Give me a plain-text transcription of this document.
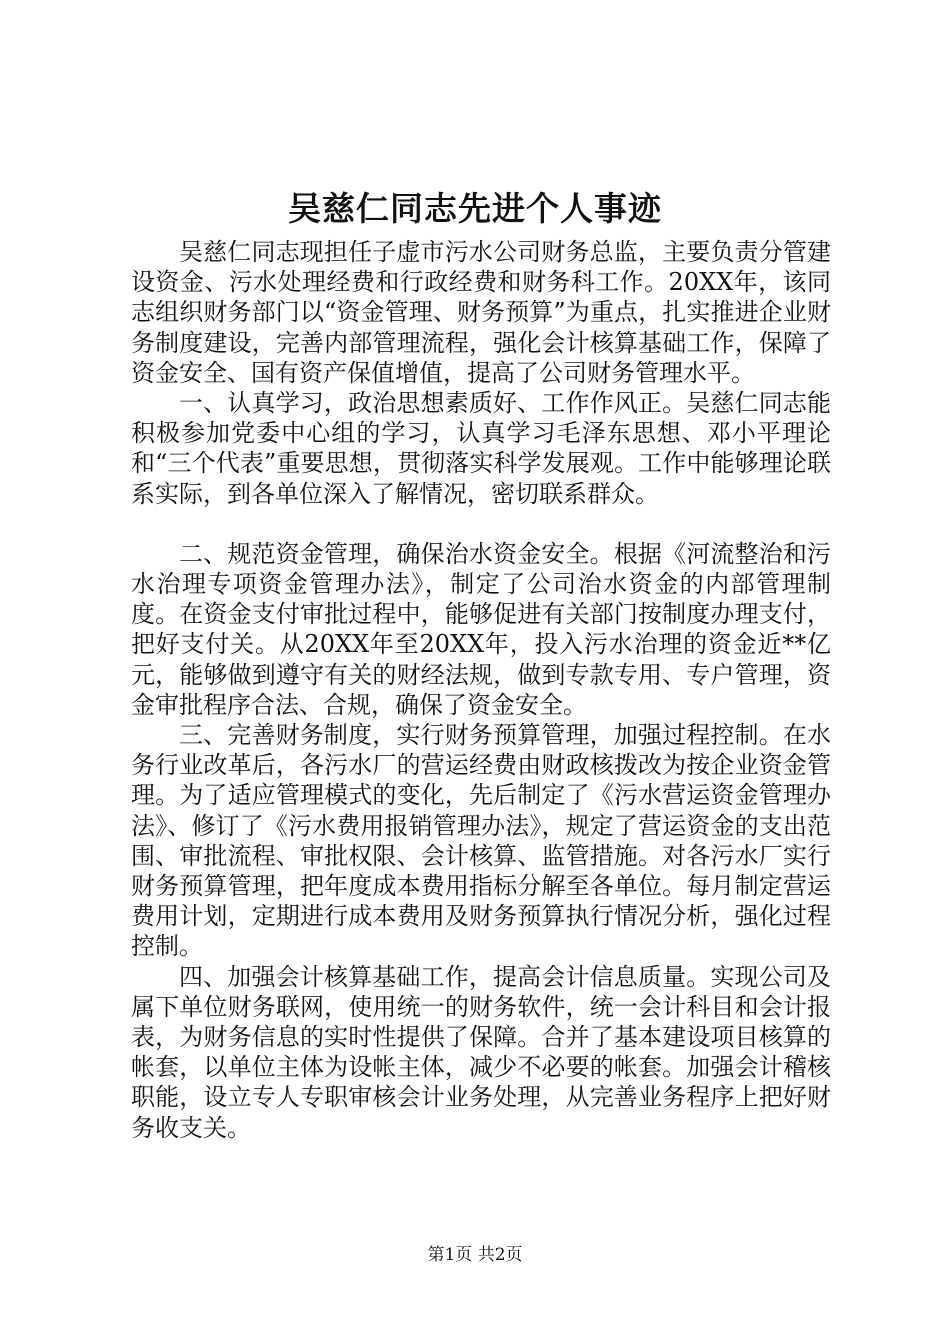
吴慈仁同志先进个人事迹

吴慈仁同志现担任子虚市污水公司财务总监，主要负责分管建设资金、污水处理经费和行政经费和财务科工作。20XX年，该同志组织财务部门以“资金管理、财务预算”为重点，扎实推进企业财务制度建设，完善内部管理流程，强化会计核算基础工作，保障了资金安全、国有资产保值增值，提高了公司财务管理水平。

一、认真学习，政治思想素质好、工作作风正。吴慈仁同志能积极参加党委中心组的学习，认真学习毛泽东思想、邓小平理论和“三个代表”重要思想，贯彻落实科学发展观。工作中能够理论联系实际，到各单位深入了解情况，密切联系群众。

二、规范资金管理，确保治水资金安全。根据《河流整治和污水治理专项资金管理办法》，制定了公司治水资金的内部管理制度。在资金支付审批过程中，能够促进有关部门按制度办理支付，把好支付关。从20XX年至20XX年，投入污水治理的资金近**亿元，能够做到遵守有关的财经法规，做到专款专用、专户管理，资金审批程序合法、合规，确保了资金安全。

三、完善财务制度，实行财务预算管理，加强过程控制。在水务行业改革后，各污水厂的营运经费由财政核拨改为按企业资金管理。为了适应管理模式的变化，先后制定了《污水营运资金管理办法》、修订了《污水费用报销管理办法》，规定了营运资金的支出范围、审批流程、审批权限、会计核算、监管措施。对各污水厂实行财务预算管理，把年度成本费用指标分解至各单位。每月制定营运费用计划，定期进行成本费用及财务预算执行情况分析，强化过程控制。

四、加强会计核算基础工作，提高会计信息质量。实现公司及属下单位财务联网，使用统一的财务软件，统一会计科目和会计报表，为财务信息的实时性提供了保障。合并了基本建设项目核算的帐套，以单位主体为设帐主体，减少不必要的帐套。加强会计稽核职能，设立专人专职审核会计业务处理，从完善业务程序上把好财务收支关。

第1页 共2页
